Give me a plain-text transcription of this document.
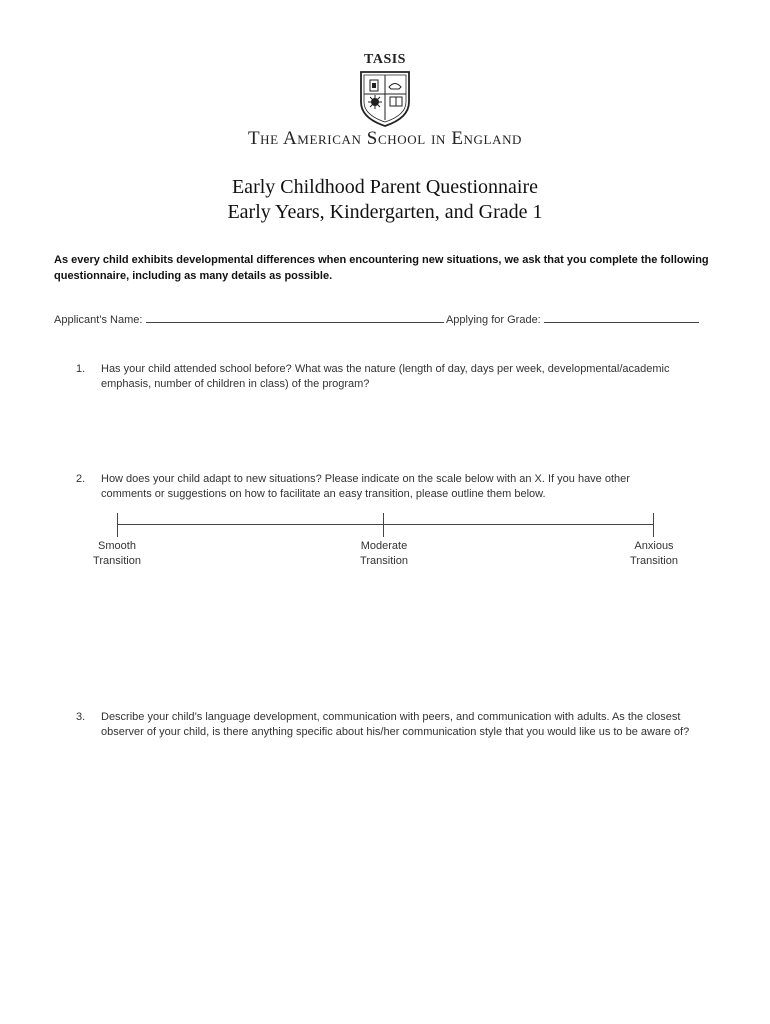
TASIS
The American School in England
Early Childhood Parent Questionnaire
Early Years, Kindergarten, and Grade 1
As every child exhibits developmental differences when encountering new situations, we ask that you complete the following questionnaire, including as many details as possible.
Applicant’s Name:	Applying for Grade:
1. Has your child attended school before? What was the nature (length of day, days per week, developmental/academic emphasis, number of children in class) of the program?
2. How does your child adapt to new situations? Please indicate on the scale below with an X. If you have other comments or suggestions on how to facilitate an easy transition, please outline them below.
Smooth
Transition
Moderate
Transition
Anxious
Transition
3. Describe your child’s language development, communication with peers, and communication with adults. As the closest observer of your child, is there anything specific about his/her communication style that you would like us to be aware of?
